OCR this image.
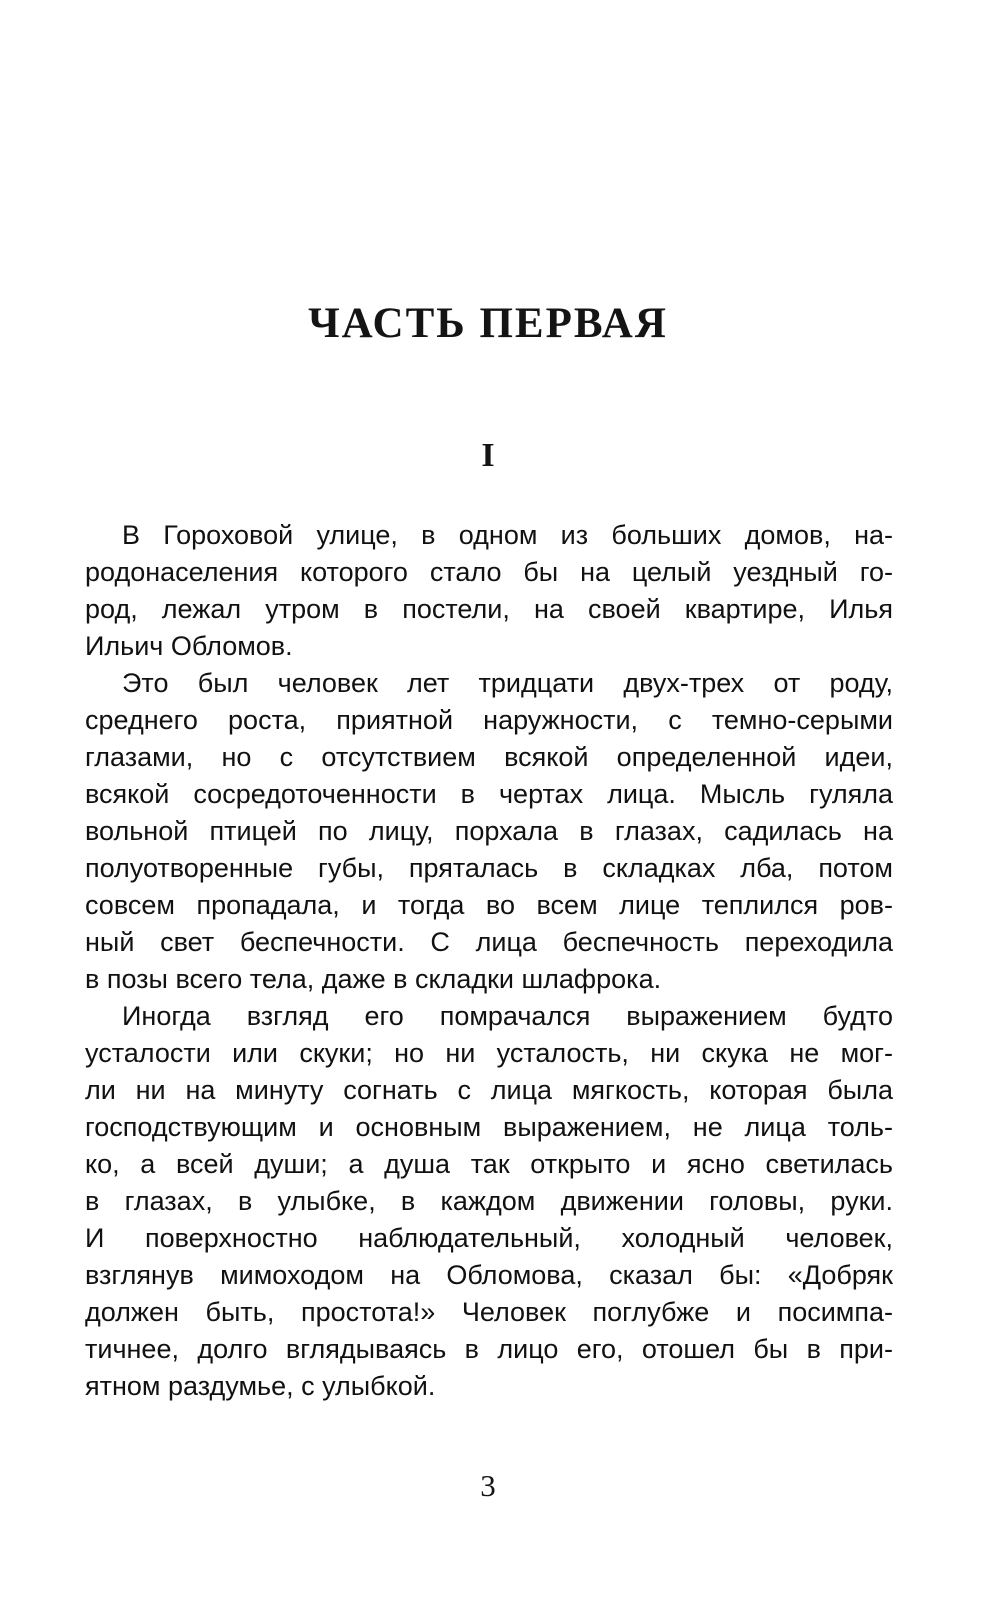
ЧАСТЬ ПЕРВАЯ
I
В Гороховой улице, в одном из больших домов, на-
родонаселения которого стало бы на целый уездный го-
род, лежал утром в постели, на своей квартире, Илья
Ильич Обломов.
Это был человек лет тридцати двух-трех от роду,
среднего роста, приятной наружности, с темно-серыми
глазами, но с отсутствием всякой определенной идеи,
всякой сосредоточенности в чертах лица. Мысль гуляла
вольной птицей по лицу, порхала в глазах, садилась на
полуотворенные губы, пряталась в складках лба, потом
совсем пропадала, и тогда во всем лице теплился ров-
ный свет беспечности. С лица беспечность переходила
в позы всего тела, даже в складки шлафрока.
Иногда взгляд его помрачался выражением будто
усталости или скуки; но ни усталость, ни скука не мог-
ли ни на минуту согнать с лица мягкость, которая была
господствующим и основным выражением, не лица толь-
ко, а всей души; а душа так открыто и ясно светилась
в глазах, в улыбке, в каждом движении головы, руки.
И поверхностно наблюдательный, холодный человек,
взглянув мимоходом на Обломова, сказал бы: «Добряк
должен быть, простота!» Человек поглубже и посимпа-
тичнее, долго вглядываясь в лицо его, отошел бы в при-
ятном раздумье, с улыбкой.
3
